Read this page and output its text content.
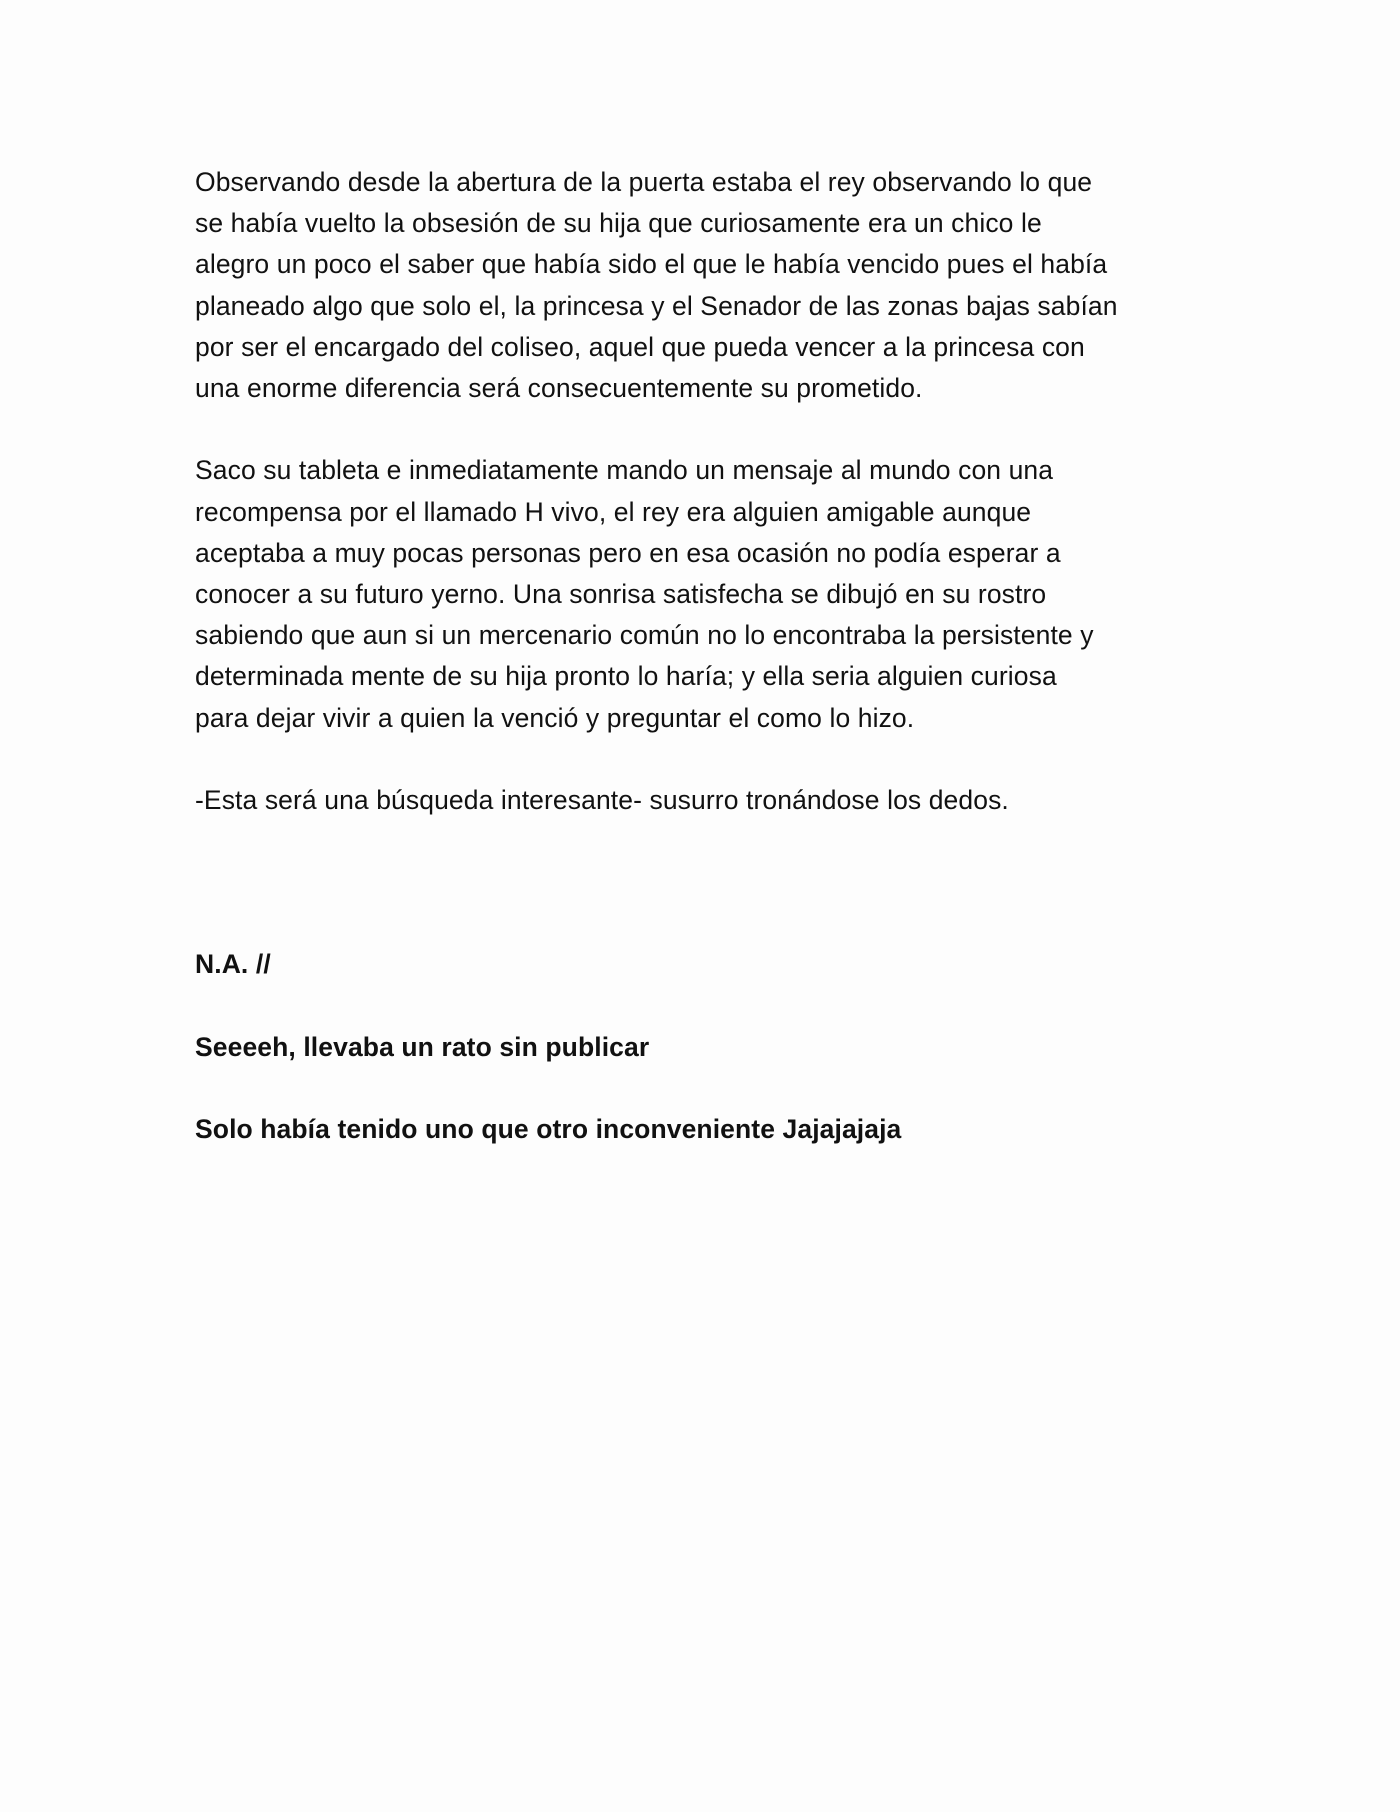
Observando desde la abertura de la puerta estaba el rey observando lo que

se había vuelto la obsesión de su hija que curiosamente era un chico le

alegro un poco el saber que había sido el que le había vencido pues el había

planeado algo que solo el, la princesa y el Senador de las zonas bajas sabían

por ser el encargado del coliseo, aquel que pueda vencer a la princesa con

una enorme diferencia será consecuentemente su prometido.

Saco su tableta e inmediatamente mando un mensaje al mundo con una

recompensa por el llamado H vivo, el rey era alguien amigable aunque

aceptaba a muy pocas personas pero en esa ocasión no podía esperar a

conocer a su futuro yerno. Una sonrisa satisfecha se dibujó en su rostro

sabiendo que aun si un mercenario común no lo encontraba la persistente y

determinada mente de su hija pronto lo haría; y ella seria alguien curiosa

para dejar vivir a quien la venció y preguntar el como lo hizo.

-Esta será una búsqueda interesante- susurro tronándose los dedos.

N.A. //

Seeeeh, llevaba un rato sin publicar

Solo había tenido uno que otro inconveniente Jajajajaja
